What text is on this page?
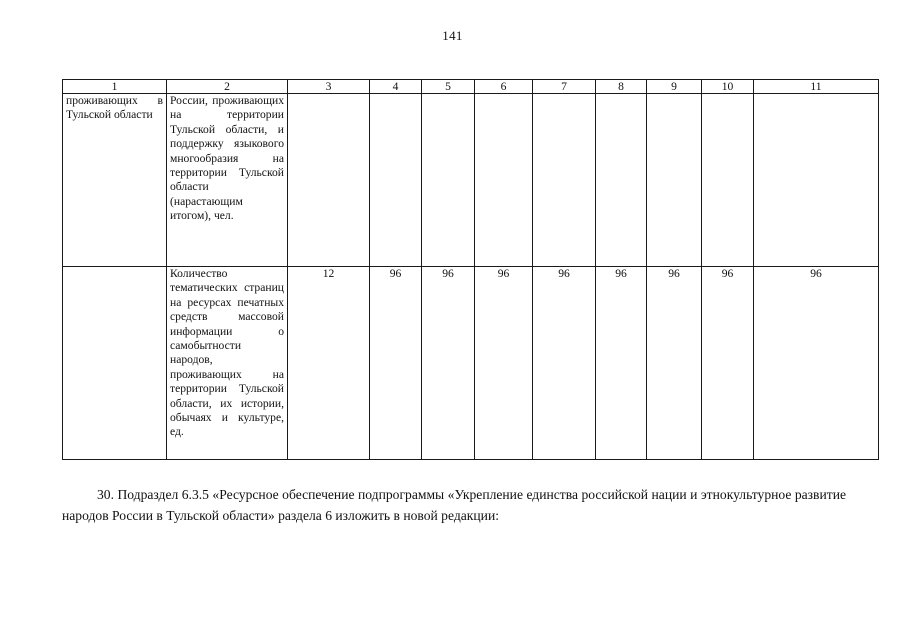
141
1	2	3	4	5	6	7	8	9	10	11
проживающих в Тульской области	России, проживающих на территории Тульской области, и поддержку языкового многообразия на территории Тульской области (нарастающим итогом), чел.									
	Количество тематических страниц на ресурсах печатных средств массовой информации о самобытности народов, проживающих на территории Тульской области, их истории, обычаях и культуре, ед.	12	96	96	96	96	96	96	96	96

30. Подраздел 6.3.5 «Ресурсное обеспечение подпрограммы «Укрепление единства российской нации и этнокультурное развитие народов России в Тульской области» раздела 6 изложить в новой редакции:
